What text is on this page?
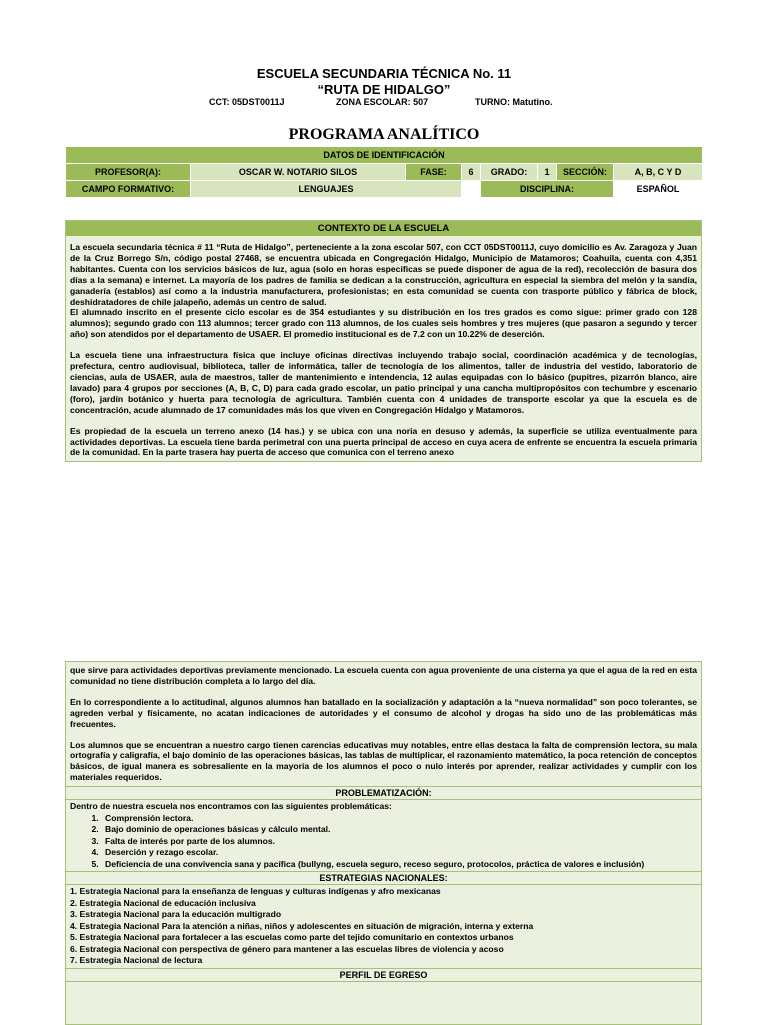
ESCUELA SECUNDARIA TÉCNICA No. 11
“RUTA DE HIDALGO”
CCT: 05DST0011J	ZONA ESCOLAR: 507	TURNO: Matutino.
PROGRAMA ANALÍTICO
DATOS DE IDENTIFICACIÓN							
PROFESOR(A):	OSCAR W. NOTARIO SILOS	FASE:	6	GRADO:	1	SECCIÓN:	A, B, C Y D
CAMPO FORMATIVO:	LENGUAJES			DISCIPLINA:			ESPAÑOL
CONTEXTO DE LA ESCUELA

La escuela secundaria técnica # 11 “Ruta de Hidalgo”, perteneciente a la zona escolar 507, con CCT 05DST0011J, cuyo domicilio es Av. Zaragoza y Juan de la Cruz Borrego S/n, código postal 27468, se encuentra ubicada en Congregación Hidalgo, Municipio de Matamoros; Coahuila, cuenta con 4,351 habitantes. Cuenta con los servicios básicos de luz, agua (solo en horas especificas se puede disponer de agua de la red), recolección de basura dos días a la semana) e internet. La mayoría de los padres de familia se dedican a la construcción, agricultura en especial la siembra del melón y la sandía, ganadería (establos) así como a la industria manufacturera, profesionistas; en esta comunidad se cuenta con trasporte público y fábrica de block, deshidratadores de chile jalapeño, además un centro de salud.

El alumnado inscrito en el presente ciclo escolar es de 354 estudiantes y su distribución en los tres grados es como sigue: primer grado con 128 alumnos); segundo grado con 113 alumnos; tercer grado con 113 alumnos, de los cuales seis hombres y tres mujeres (que pasaron a segundo y tercer año) son atendidos por el departamento de USAER. El promedio institucional es de 7.2 con un 10.22% de deserción.

La escuela tiene una infraestructura física que incluye oficinas directivas incluyendo trabajo social, coordinación académica y de tecnologías, prefectura, centro audiovisual, biblioteca, taller de informática, taller de tecnología de los alimentos, taller de industria del vestido, laboratorio de ciencias, aula de USAER, aula de maestros, taller de mantenimiento e intendencia, 12 aulas equipadas con lo básico (pupitres, pizarrón blanco, aire lavado) para 4 grupos por secciones (A, B, C, D) para cada grado escolar, un patio principal y una cancha multipropósitos con techumbre y escenario (foro), jardín botánico y huerta para tecnología de agricultura. También cuenta con 4 unidades de transporte escolar ya que la escuela es de concentración, acude alumnado de 17 comunidades más los que viven en Congregación Hidalgo y Matamoros.

Es propiedad de la escuela un terreno anexo (14 has.) y se ubica con una noria en desuso y además, la superficie se utiliza eventualmente para actividades deportivas. La escuela tiene barda perimetral con una puerta principal de acceso en cuya acera de enfrente se encuentra la escuela primaria de la comunidad. En la parte trasera hay puerta de acceso que comunica con el terreno anexo

que sirve para actividades deportivas previamente mencionado. La escuela cuenta con agua proveniente de una cisterna ya que el agua de la red en esta comunidad no tiene distribución completa a lo largo del día.

En lo correspondiente a lo actitudinal, algunos alumnos han batallado en la socialización y adaptación a la “nueva normalidad” son poco tolerantes, se agreden verbal y físicamente, no acatan indicaciones de autoridades y el consumo de alcohol y drogas ha sido uno de las problemáticas más frecuentes.

Los alumnos que se encuentran a nuestro cargo tienen carencias educativas muy notables, entre ellas destaca la falta de comprensión lectora, su mala ortografía y caligrafía, el bajo dominio de las operaciones básicas, las tablas de multiplicar, el razonamiento matemático, la poca retención de conceptos básicos, de igual manera es sobresaliente en la mayoría de los alumnos el poco o nulo interés por aprender, realizar actividades y cumplir con los materiales requeridos.

PROBLEMATIZACIÓN:
Dentro de nuestra escuela nos encontramos con las siguientes problemáticas:
1. Comprensión lectora.
2. Bajo dominio de operaciones básicas y cálculo mental.
3. Falta de interés por parte de los alumnos.
4. Deserción y rezago escolar.
5. Deficiencia de una convivencia sana y pacífica (bullyng, escuela seguro, receso seguro, protocolos, práctica de valores e inclusión)
ESTRATEGIAS NACIONALES:
1. Estrategia Nacional para la enseñanza de lenguas y culturas indígenas y afro mexicanas
2. Estrategia Nacional de educación inclusiva
3. Estrategia Nacional para la educación multigrado
4. Estrategia Nacional Para la atención a niñas, niños y adolescentes en situación de migración, interna y externa
5. Estrategia Nacional para fortalecer a las escuelas como parte del tejido comunitario en contextos urbanos
6. Estrategia Nacional con perspectiva de género para mantener a las escuelas libres de violencia y acoso
7. Estrategia Nacional de lectura
PERFIL DE EGRESO
